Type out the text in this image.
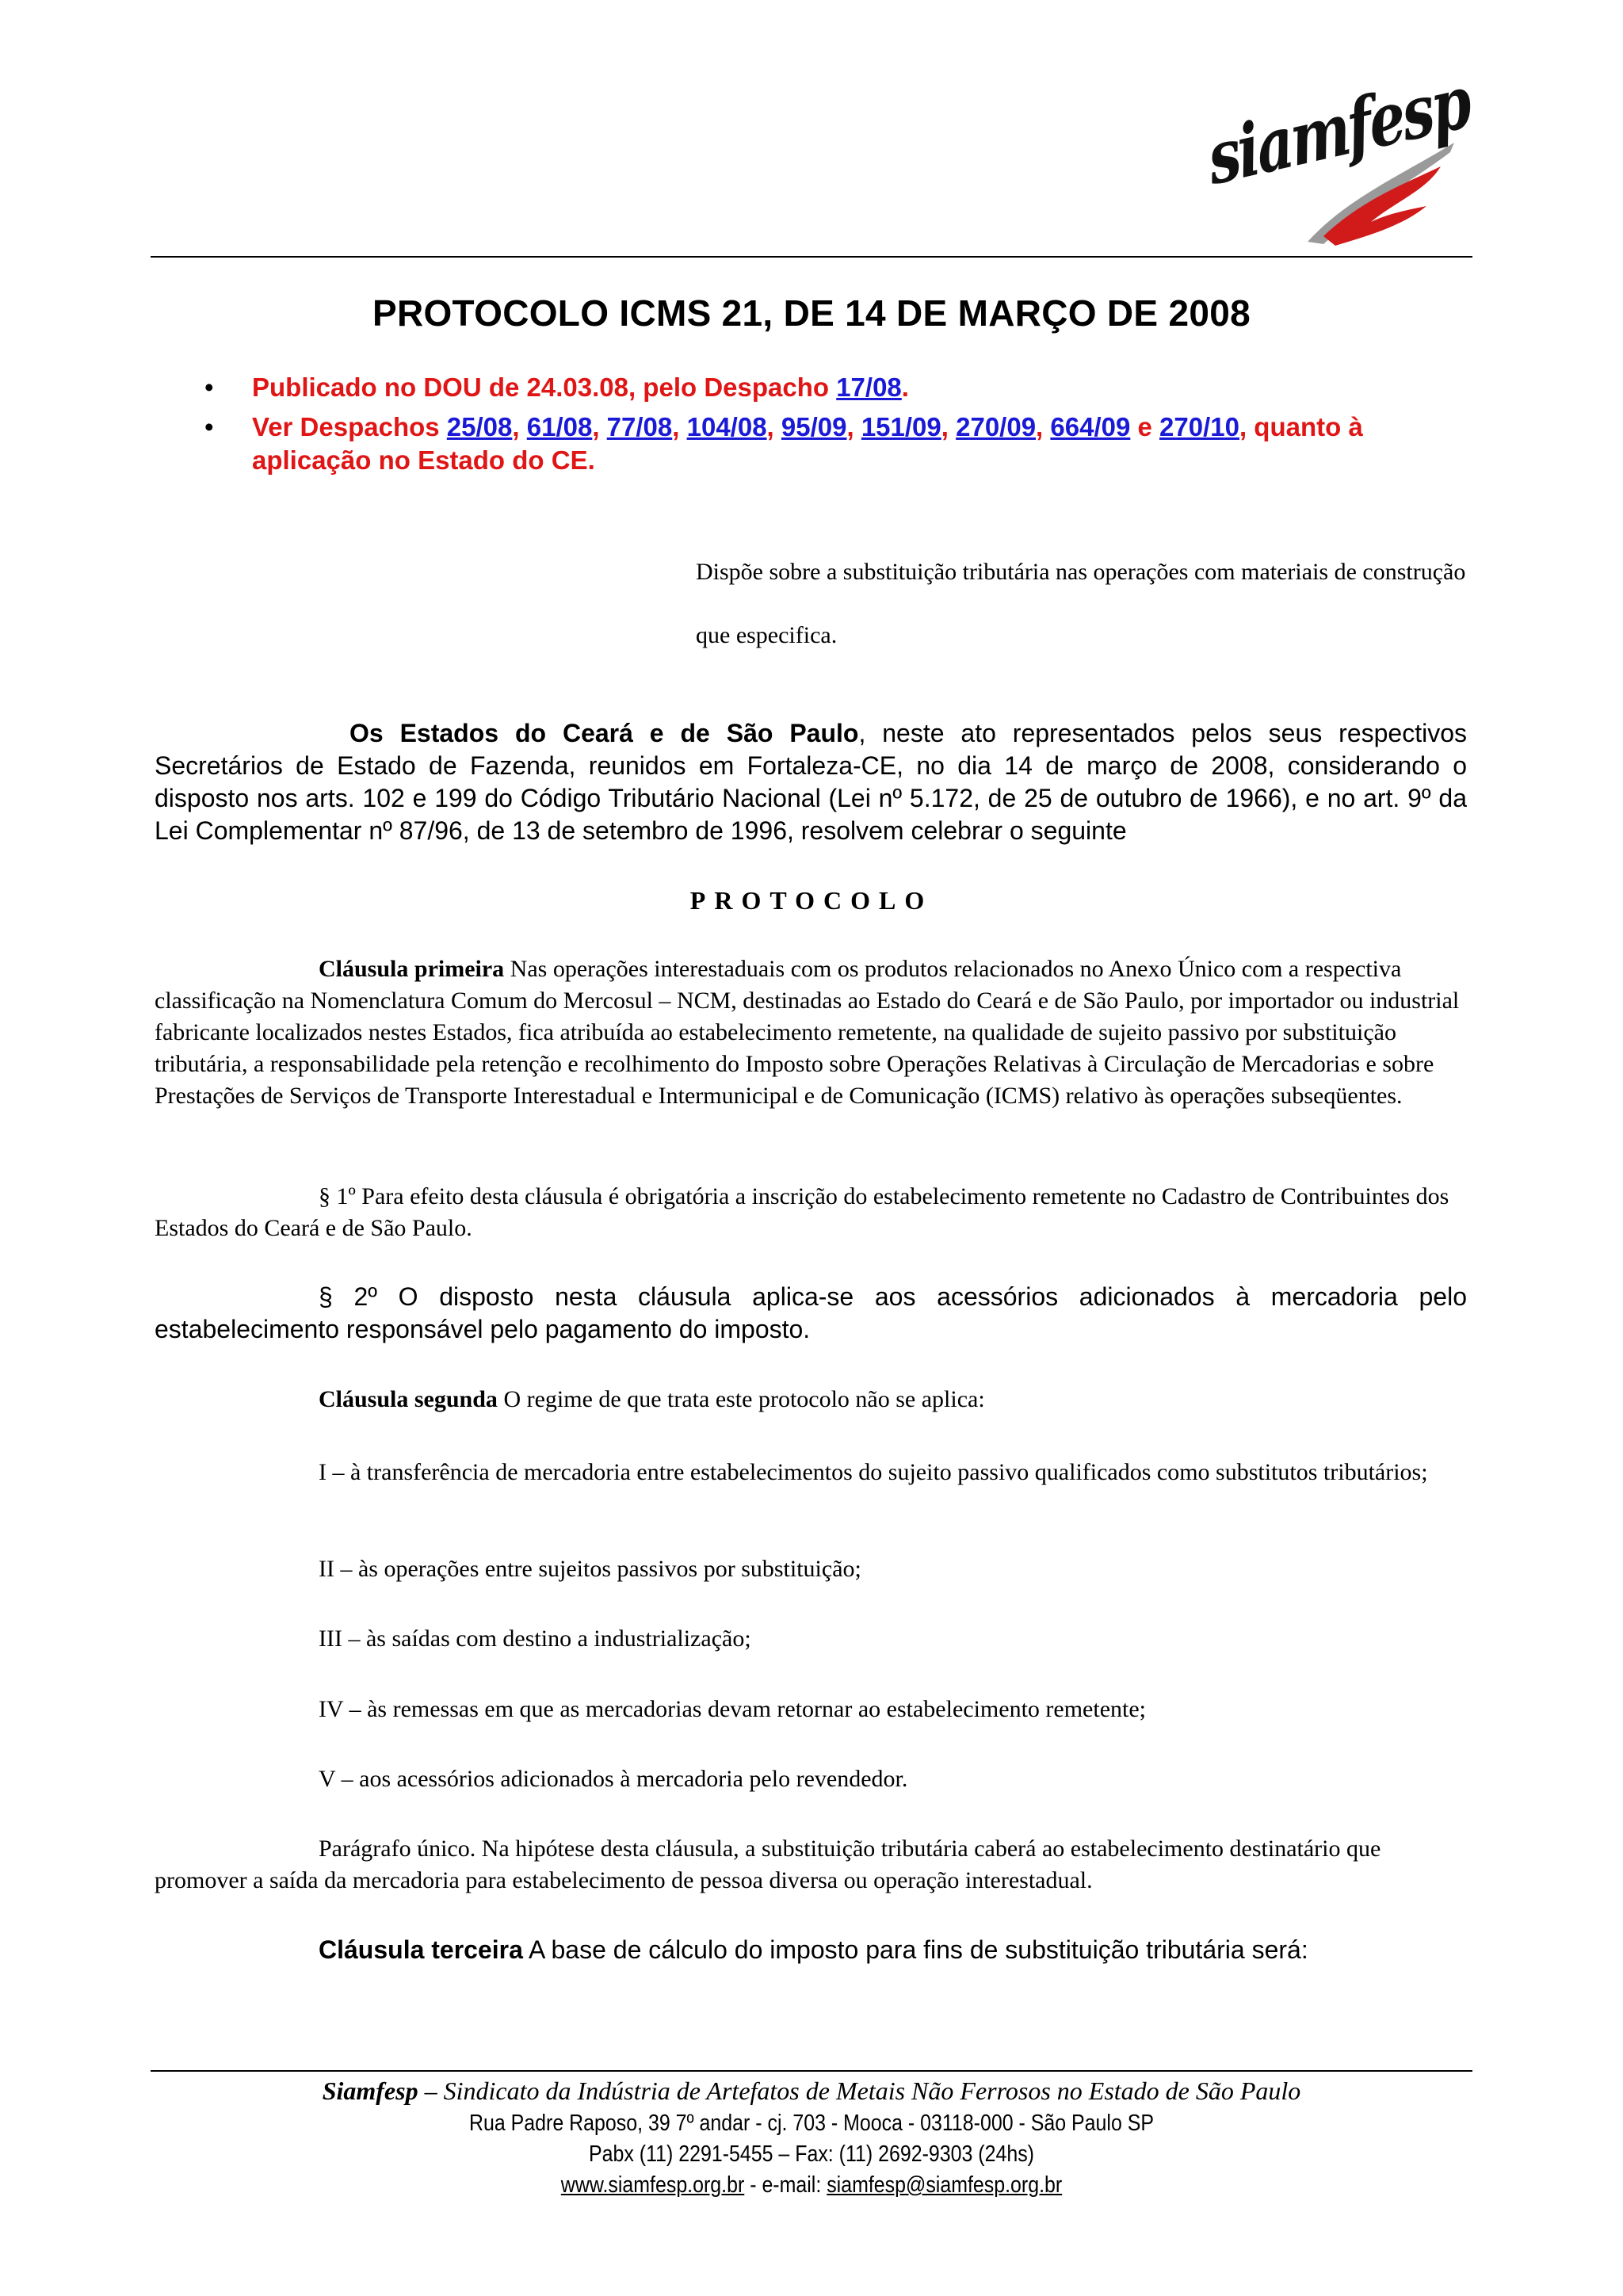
siamfesp
PROTOCOLO ICMS 21, DE 14 DE MARÇO DE 2008
• Publicado no DOU de 24.03.08, pelo Despacho 17/08.
• Ver Despachos 25/08, 61/08, 77/08, 104/08, 95/09, 151/09, 270/09, 664/09 e 270/10, quanto à aplicação no Estado do CE.
Dispõe sobre a substituição tributária nas operações com materiais de construção que especifica.
Os Estados do Ceará e de São Paulo, neste ato representados pelos seus respectivos Secretários de Estado de Fazenda, reunidos em Fortaleza-CE, no dia 14 de março de 2008, considerando o disposto nos arts. 102 e 199 do Código Tributário Nacional (Lei nº 5.172, de 25 de outubro de 1966), e no art. 9º da Lei Complementar nº 87/96, de 13 de setembro de 1996, resolvem celebrar o seguinte
PROTOCOLO
Cláusula primeira Nas operações interestaduais com os produtos relacionados no Anexo Único com a respectiva classificação na Nomenclatura Comum do Mercosul – NCM, destinadas ao Estado do Ceará e de São Paulo, por importador ou industrial fabricante localizados nestes Estados, fica atribuída ao estabelecimento remetente, na qualidade de sujeito passivo por substituição tributária, a responsabilidade pela retenção e recolhimento do Imposto sobre Operações Relativas à Circulação de Mercadorias e sobre Prestações de Serviços de Transporte Interestadual e Intermunicipal e de Comunicação (ICMS) relativo às operações subseqüentes.
§ 1º Para efeito desta cláusula é obrigatória a inscrição do estabelecimento remetente no Cadastro de Contribuintes dos Estados do Ceará e de São Paulo.
§ 2º O disposto nesta cláusula aplica-se aos acessórios adicionados à mercadoria pelo estabelecimento responsável pelo pagamento do imposto.
Cláusula segunda O regime de que trata este protocolo não se aplica:
I – à transferência de mercadoria entre estabelecimentos do sujeito passivo qualificados como substitutos tributários;
II – às operações entre sujeitos passivos por substituição;
III – às saídas com destino a industrialização;
IV – às remessas em que as mercadorias devam retornar ao estabelecimento remetente;
V – aos acessórios adicionados à mercadoria pelo revendedor.
Parágrafo único. Na hipótese desta cláusula, a substituição tributária caberá ao estabelecimento destinatário que promover a saída da mercadoria para estabelecimento de pessoa diversa ou operação interestadual.
Cláusula terceira A base de cálculo do imposto para fins de substituição tributária será:
Siamfesp – Sindicato da Indústria de Artefatos de Metais Não Ferrosos no Estado de São Paulo
Rua Padre Raposo, 39 7º andar - cj. 703 - Mooca - 03118-000 - São Paulo SP
Pabx (11) 2291-5455 – Fax: (11) 2692-9303 (24hs)
www.siamfesp.org.br - e-mail: siamfesp@siamfesp.org.br
